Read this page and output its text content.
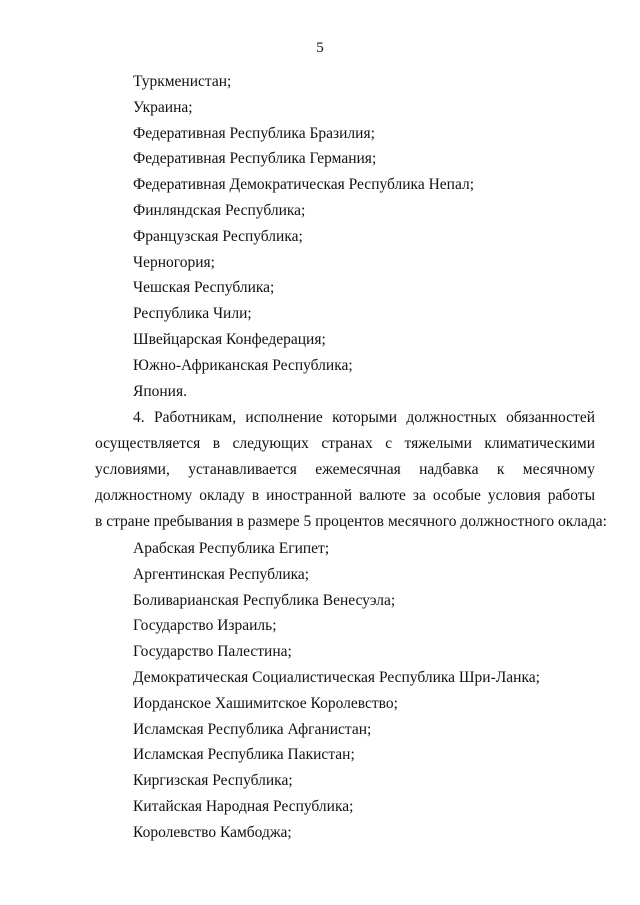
5
Туркменистан;
Украина;
Федеративная Республика Бразилия;
Федеративная Республика Германия;
Федеративная Демократическая Республика Непал;
Финляндская Республика;
Французская Республика;
Черногория;
Чешская Республика;
Республика Чили;
Швейцарская Конфедерация;
Южно-Африканская Республика;
Япония.
4. Работникам, исполнение которыми должностных обязанностей
осуществляется в следующих странах с тяжелыми климатическими
условиями, устанавливается ежемесячная надбавка к месячному
должностному окладу в иностранной валюте за особые условия работы
в стране пребывания в размере 5 процентов месячного должностного оклада:
Арабская Республика Египет;
Аргентинская Республика;
Боливарианская Республика Венесуэла;
Государство Израиль;
Государство Палестина;
Демократическая Социалистическая Республика Шри-Ланка;
Иорданское Хашимитское Королевство;
Исламская Республика Афганистан;
Исламская Республика Пакистан;
Киргизская Республика;
Китайская Народная Республика;
Королевство Камбоджа;
